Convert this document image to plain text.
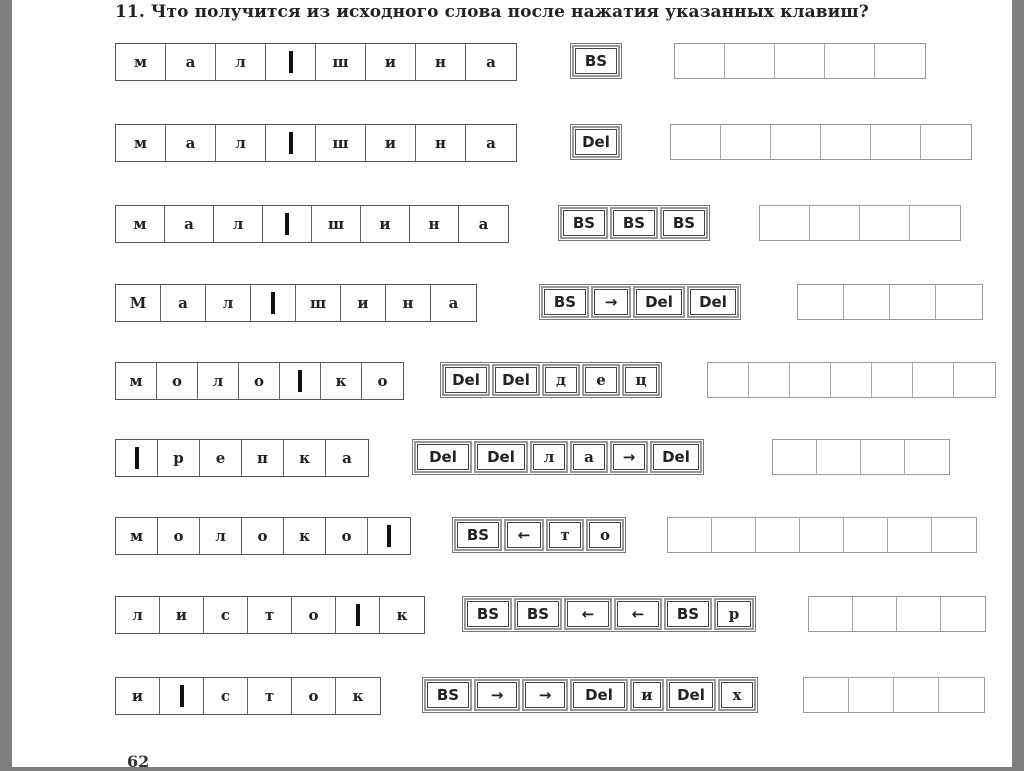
11. Что получится из исходного слова после нажатия указанных клавиш?
м	а	л	ш	и	н	а	BS
м	а	л	ш	и	н	а	Del
м	а	л	ш	и	н	а	BS	BS	BS
М	а	л	ш	и	н	а	BS	→	Del	Del
м	о	л	о	к	о	Del	Del	д	е	ц
р	е	п	к	а	Del	Del	л	а	→	Del
м	о	л	о	к	о	BS	←	т	о
л	и	с	т	о	к	BS	BS	←	←	BS	р
и	с	т	о	к	BS	→	→	Del	и	Del	х
62
